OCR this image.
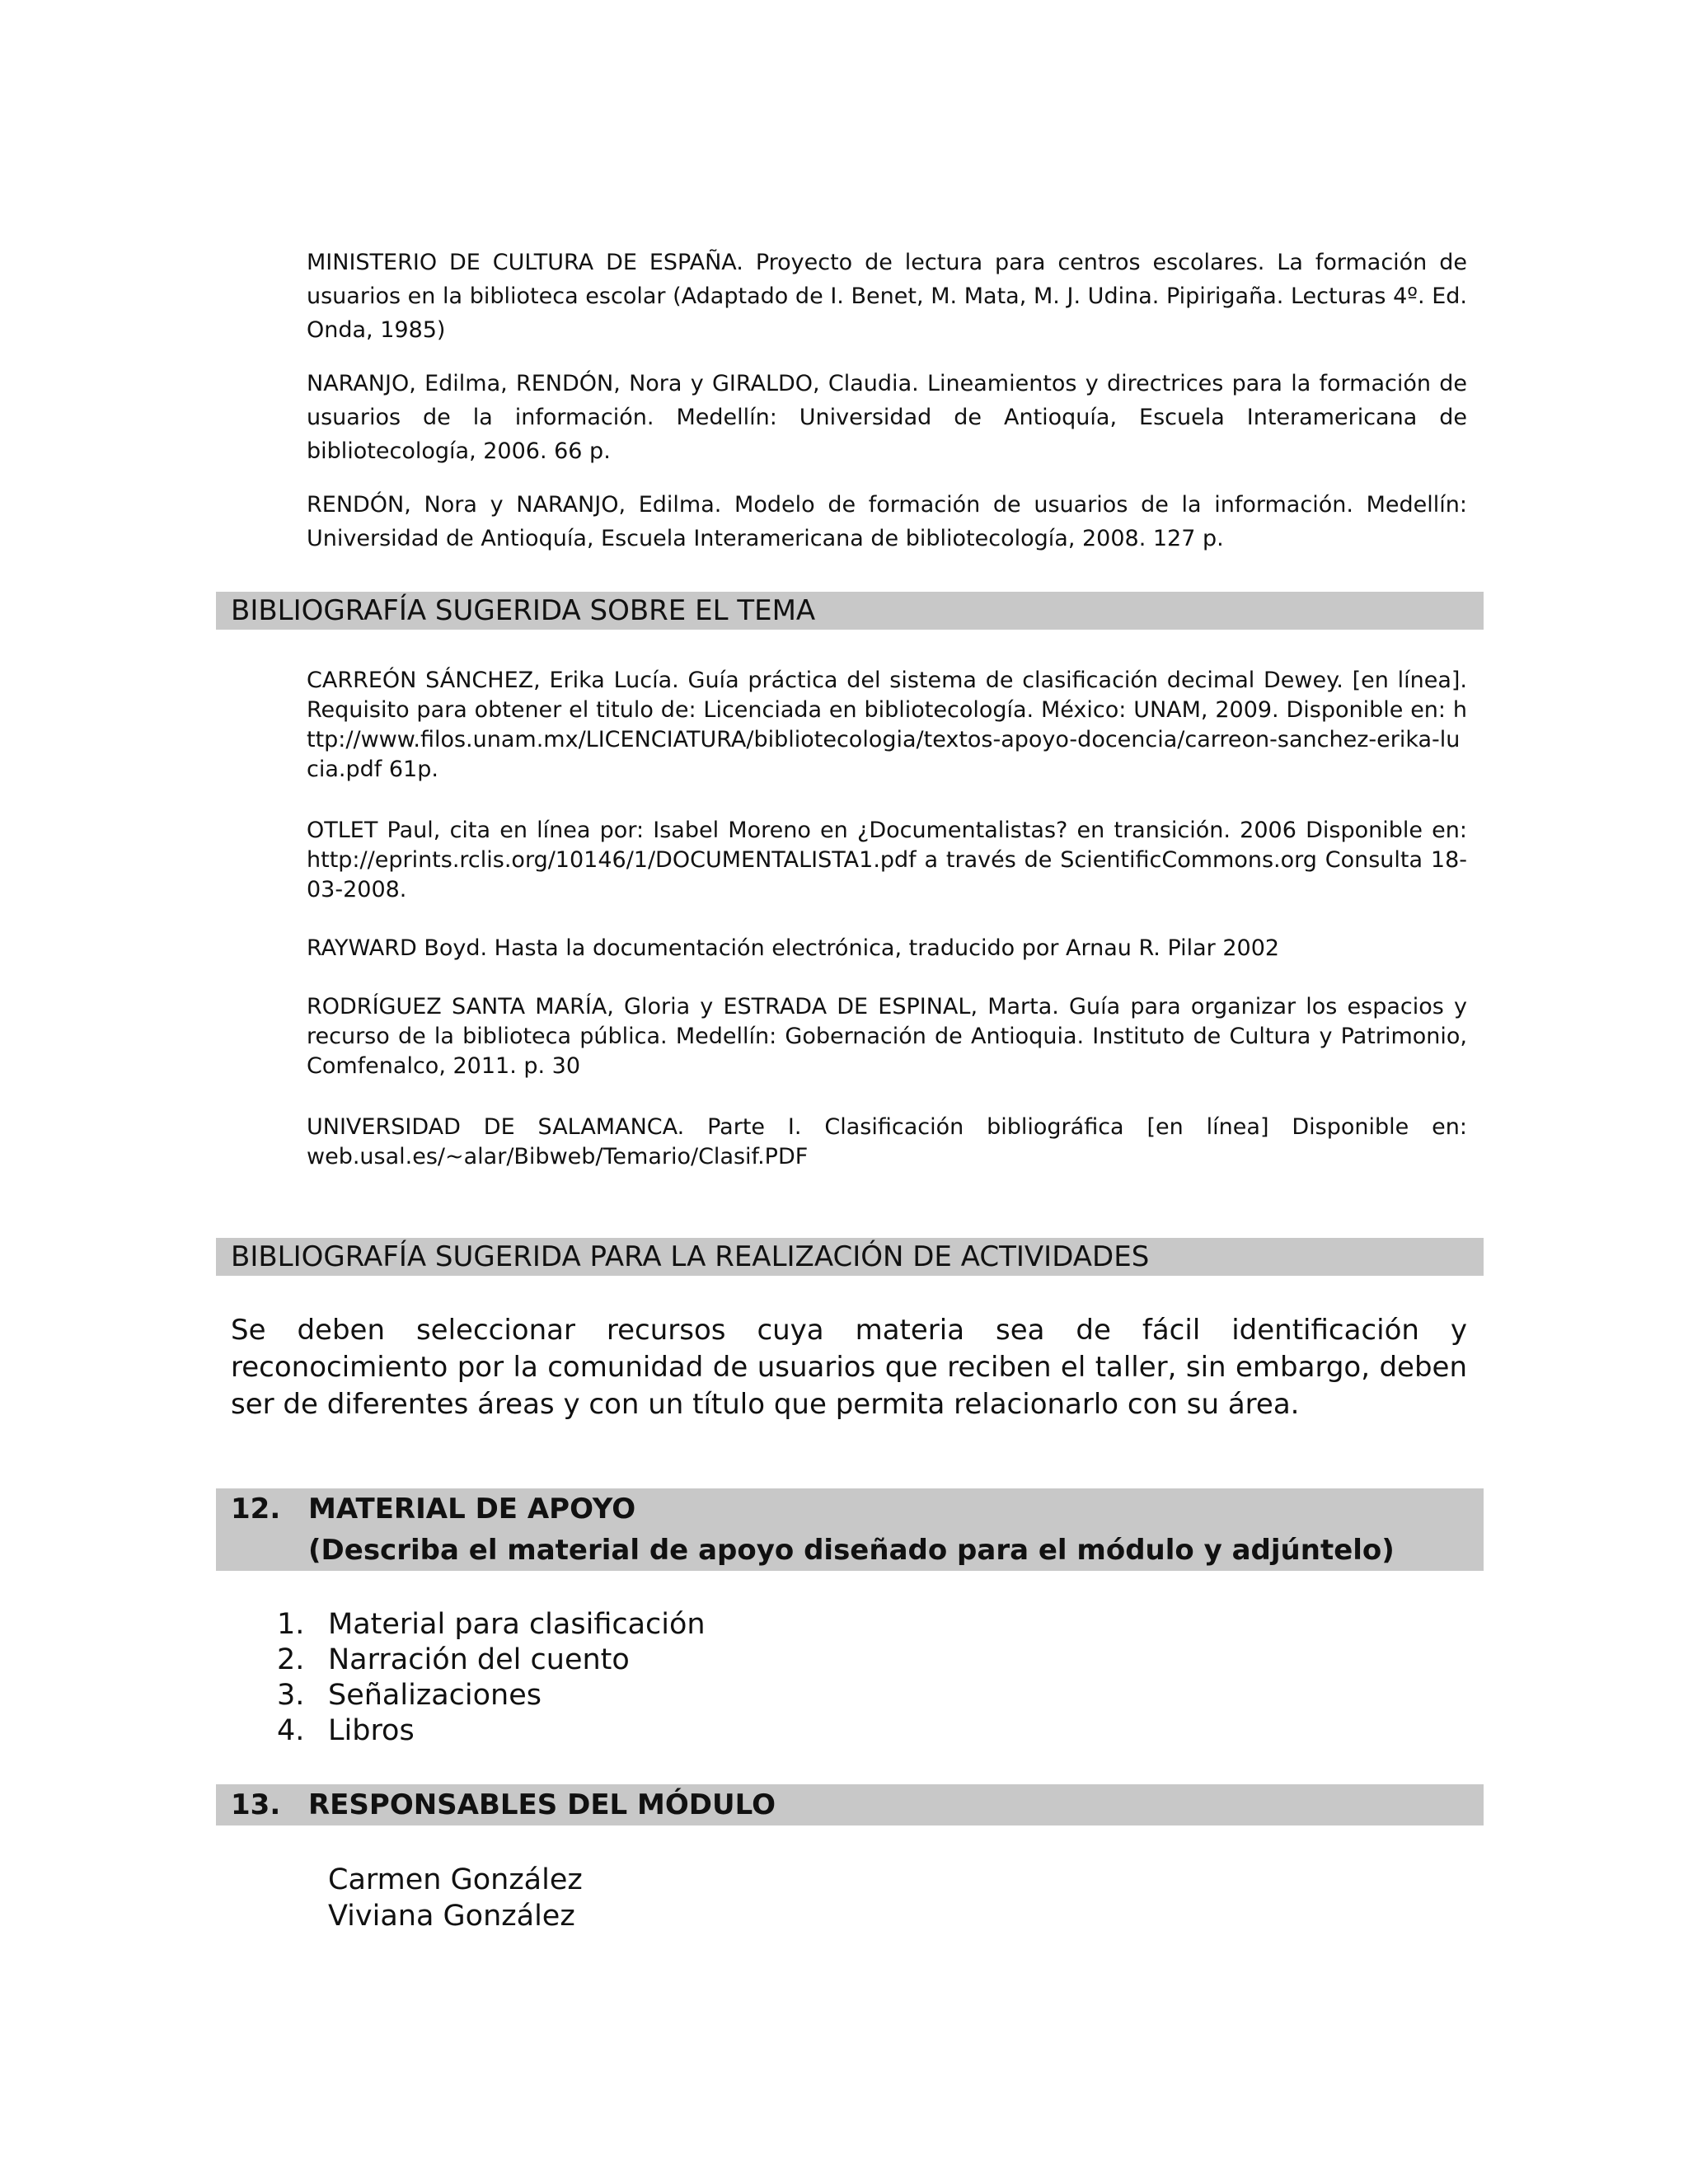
MINISTERIO DE CULTURA DE ESPAÑA. Proyecto de lectura para centros escolares. La formación de usuarios en la biblioteca escolar (Adaptado de I. Benet, M. Mata, M. J. Udina. Pipirigaña. Lecturas 4º. Ed. Onda, 1985)

NARANJO, Edilma, RENDÓN, Nora y GIRALDO, Claudia. Lineamientos y directrices para la formación de usuarios de la información. Medellín: Universidad de Antioquía, Escuela Interamericana de bibliotecología, 2006. 66 p.

RENDÓN, Nora y NARANJO, Edilma. Modelo de formación de usuarios de la información. Medellín: Universidad de Antioquía, Escuela Interamericana de bibliotecología, 2008. 127 p.

BIBLIOGRAFÍA SUGERIDA SOBRE EL TEMA

CARREÓN SÁNCHEZ, Erika Lucía. Guía práctica del sistema de clasificación decimal Dewey. [en línea]. Requisito para obtener el titulo de: Licenciada en bibliotecología. México: UNAM, 2009. Disponible en: http://www.filos.unam.mx/LICENCIATURA/bibliotecologia/textos-apoyo-docencia/carreon-sanchez-erika-lucia.pdf 61p.

OTLET Paul, cita en línea por: Isabel Moreno en ¿Documentalistas? en transición. 2006 Disponible en: http://eprints.rclis.org/10146/1/DOCUMENTALISTA1.pdf a través de ScientificCommons.org Consulta 18-03-2008.

RAYWARD Boyd. Hasta la documentación electrónica, traducido por Arnau R. Pilar 2002

RODRÍGUEZ SANTA MARÍA, Gloria y ESTRADA DE ESPINAL, Marta. Guía para organizar los espacios y recurso de la biblioteca pública. Medellín: Gobernación de Antioquia. Instituto de Cultura y Patrimonio, Comfenalco, 2011. p. 30

UNIVERSIDAD DE SALAMANCA. Parte I. Clasificación bibliográfica [en línea] Disponible en: web.usal.es/~alar/Bibweb/Temario/Clasif.PDF

BIBLIOGRAFÍA SUGERIDA PARA LA REALIZACIÓN DE ACTIVIDADES

Se deben seleccionar recursos cuya materia sea de fácil identificación y reconocimiento por la comunidad de usuarios que reciben el taller, sin embargo, deben ser de diferentes áreas y con un título que permita relacionarlo con su área.

12. MATERIAL DE APOYO
(Describa el material de apoyo diseñado para el módulo y adjúntelo)
1. Material para clasificación
2. Narración del cuento
3. Señalizaciones
4. Libros
13. RESPONSABLES DEL MÓDULO
Carmen González
Viviana González
